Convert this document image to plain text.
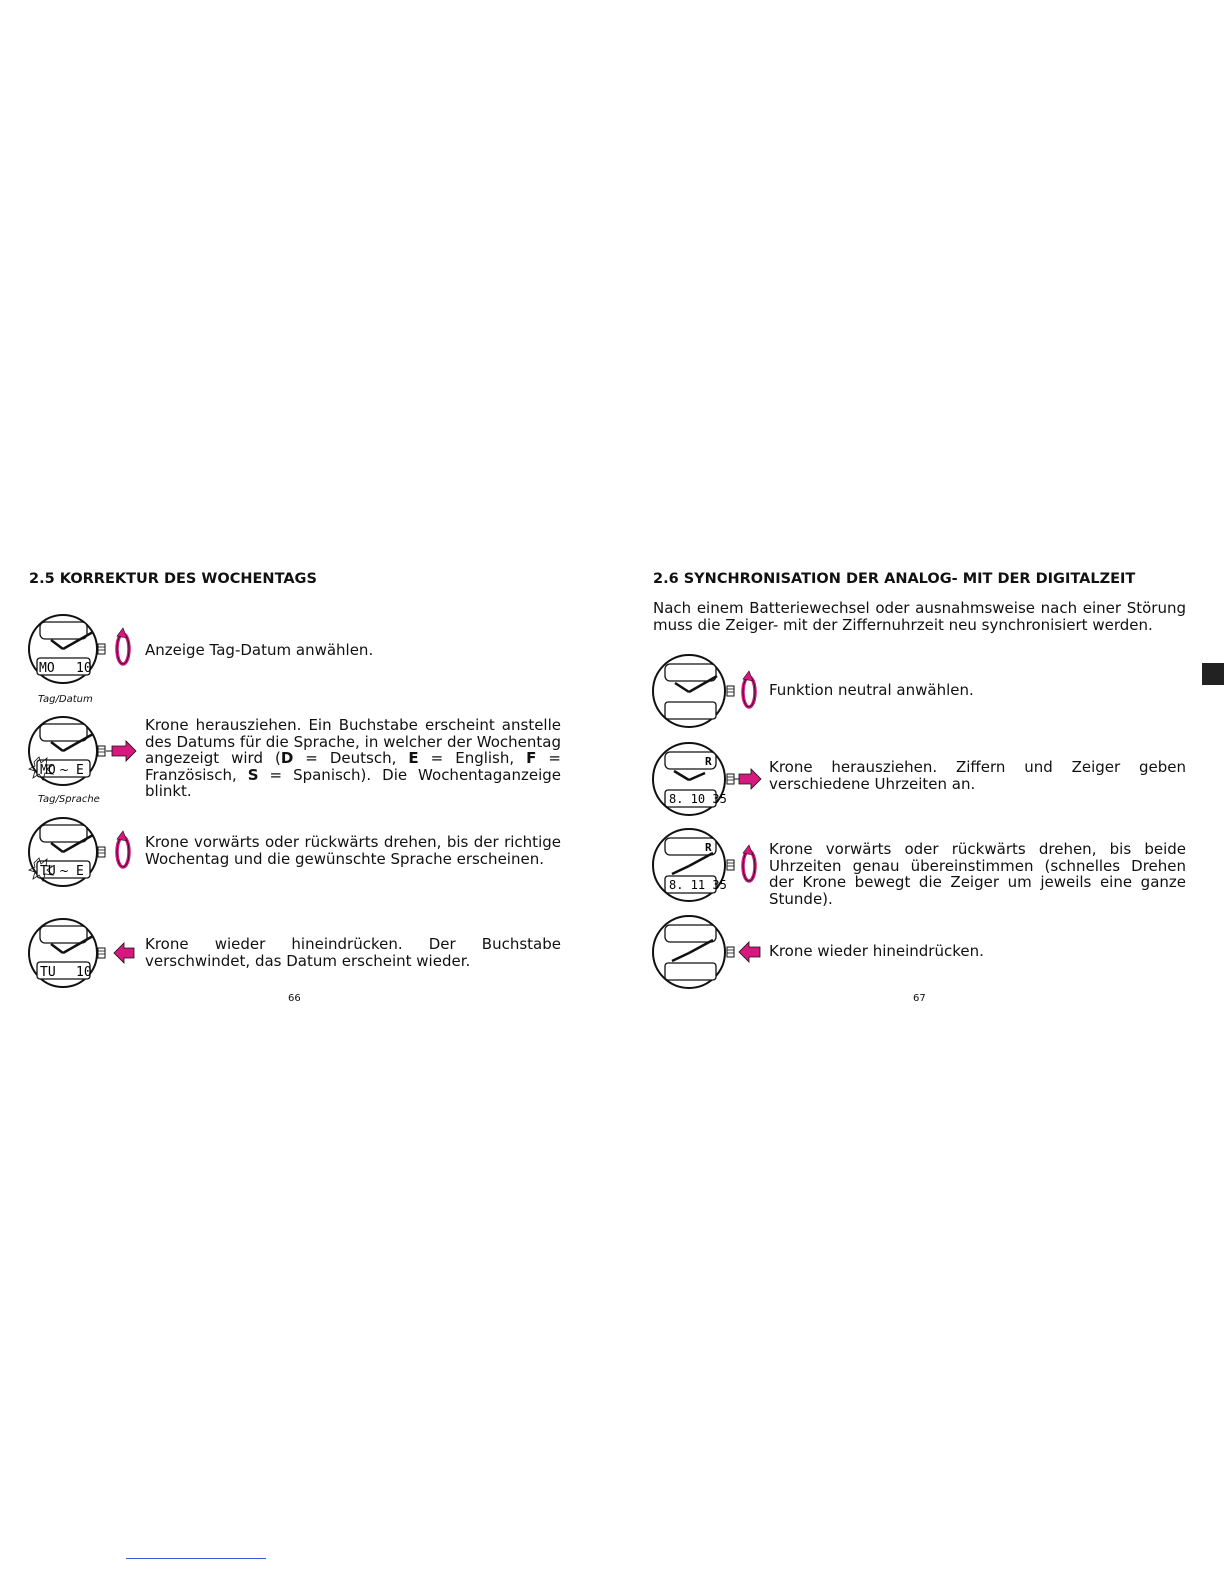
2.5 KORREKTUR DES WOCHENTAGS
MO 10
Anzeige Tag-Datum anwählen.
Tag/Datum
MO ~ E
Krone herausziehen. Ein Buchstabe erscheint anstelle des Datums für die Sprache, in welcher der Wochentag angezeigt wird (D = Deutsch, E = English, F = Französisch, S = Spanisch). Die Wochentaganzeige blinkt.
Tag/Sprache
TU ~ E
Krone vorwärts oder rückwärts drehen, bis der richtige Wochentag und die gewünschte Sprache erscheinen.
TU 10
Krone wieder hineindrücken. Der Buchstabe verschwindet, das Datum erscheint wieder.
66
2.6 SYNCHRONISATION DER ANALOG- MIT DER DIGITALZEIT
Nach einem Batteriewechsel oder ausnahmsweise nach einer Störung muss die Zeiger- mit der Ziffernuhrzeit neu synchronisiert werden.
Funktion neutral anwählen.
R
8. 10 35
Krone herausziehen. Ziffern und Zeiger geben verschiedene Uhrzeiten an.
R
8. 11 35
Krone vorwärts oder rückwärts drehen, bis beide Uhrzeiten genau übereinstimmen (schnelles Drehen der Krone bewegt die Zeiger um jeweils eine ganze Stunde).
Krone wieder hineindrücken.
67
